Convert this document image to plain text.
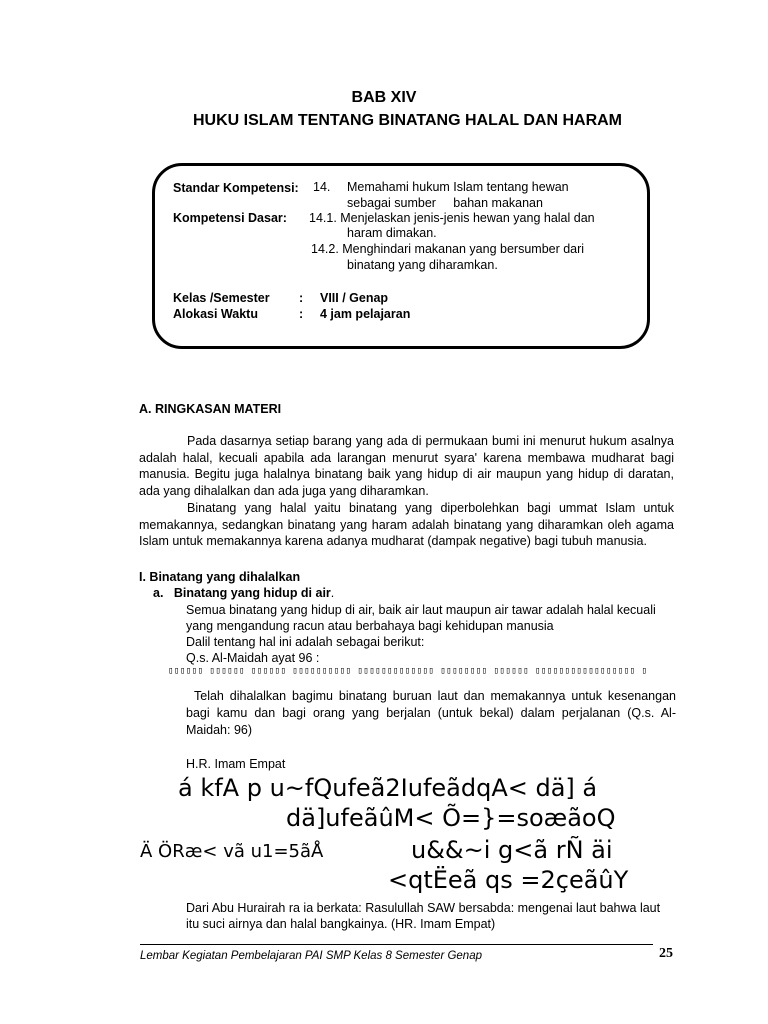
BAB XIV
HUKU ISLAM TENTANG BINATANG HALAL DAN HARAM
Standar Kompetensi: 14. Memahami hukum Islam tentang hewan
sebagai sumber     bahan makanan
Kompetensi Dasar: 14.1. Menjelaskan jenis-jenis hewan yang halal dan
haram dimakan.
14.2. Menghindari makanan yang bersumber dari
binatang yang diharamkan.
Kelas /Semester : VIII / Genap
Alokasi Waktu	: 4 jam pelajaran
A. RINGKASAN MATERI
Pada dasarnya setiap barang yang ada di permukaan bumi ini menurut hukum asalnya adalah halal, kecuali apabila ada larangan menurut syara' karena membawa mudharat bagi manusia. Begitu juga halalnya binatang baik yang hidup di air maupun yang hidup di daratan, ada yang dihalalkan dan ada juga yang diharamkan.
Binatang yang halal yaitu binatang yang diperbolehkan bagi ummat Islam untuk memakannya, sedangkan binatang yang haram adalah binatang yang diharamkan oleh agama Islam untuk memakannya karena adanya mudharat (dampak negative) bagi tubuh manusia.
I. Binatang yang dihalalkan
a.   Binatang yang hidup di air.
Semua binatang yang hidup di air, baik air laut maupun air tawar adalah halal kecuali yang mengandung racun atau berbahaya bagi kehidupan manusia
Dalil tentang hal ini adalah sebagai berikut:
Q.s. Al-Maidah ayat 96 :
▯▯▯▯▯▯ ▯▯▯▯▯▯ ▯▯▯▯▯▯ ▯▯▯▯▯▯▯▯▯▯ ▯▯▯▯▯▯▯▯▯▯▯▯▯ ▯▯▯▯▯▯▯▯ ▯▯▯▯▯▯ ▯▯▯▯▯▯▯▯▯▯▯▯▯▯▯▯▯ ▯
Telah dihalalkan bagimu binatang buruan laut dan memakannya untuk kesenangan bagi kamu dan bagi orang yang berjalan (untuk bekal) dalam perjalanan (Q.s. Al-Maidah: 96)
H.R. Imam Empat
á kfA p u~fQufeã2IufeãdqA< dä] á
dä]ufeãûM< Õ=}=soæãoQ
Ä ÖRæ< vã u1=5ãÅ	u&&~i g<ã rÑ äi
<qtËeã qs =2çeãûY
Dari Abu Hurairah ra ia berkata: Rasulullah SAW bersabda: mengenai laut bahwa laut itu suci airnya dan halal bangkainya. (HR. Imam Empat)
Lembar Kegiatan Pembelajaran PAI SMP Kelas 8 Semester Genap	25
